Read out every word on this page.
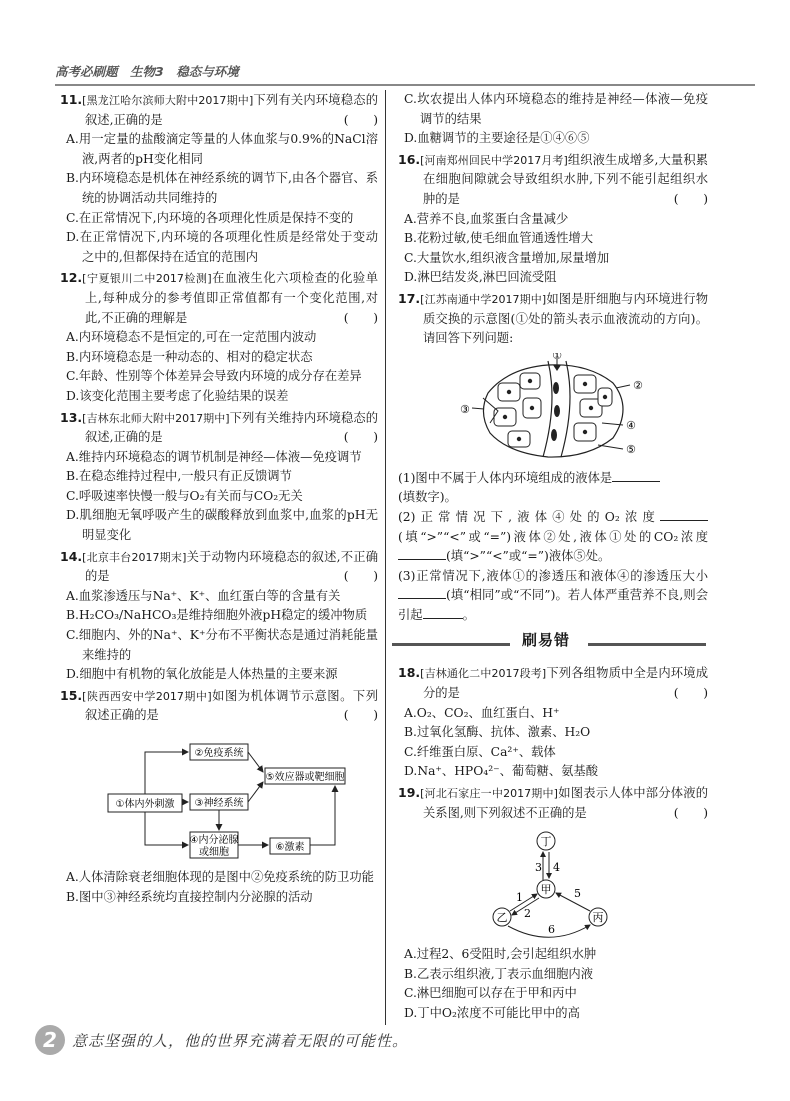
高考必刷题　生物3　稳态与环境
11.[黑龙江哈尔滨师大附中2017期中]下列有关内环境稳态的叙述,正确的是	(　　)
A.用一定量的盐酸滴定等量的人体血浆与0.9%的NaCl溶液,两者的pH变化相同
B.内环境稳态是机体在神经系统的调节下,由各个器官、系统的协调活动共同维持的
C.在正常情况下,内环境的各项理化性质是保持不变的
D.在正常情况下,内环境的各项理化性质是经常处于变动之中的,但都保持在适宜的范围内
12.[宁夏银川二中2017检测]在血液生化六项检查的化验单上,每种成分的参考值即正常值都有一个变化范围,对此,不正确的理解是	(　　)
A.内环境稳态不是恒定的,可在一定范围内波动
B.内环境稳态是一种动态的、相对的稳定状态
C.年龄、性别等个体差异会导致内环境的成分存在差异
D.该变化范围主要考虑了化验结果的误差
13.[吉林东北师大附中2017期中]下列有关维持内环境稳态的叙述,正确的是	(　　)
A.维持内环境稳态的调节机制是神经—体液—免疫调节
B.在稳态维持过程中,一般只有正反馈调节
C.呼吸速率快慢一般与O₂有关而与CO₂无关
D.肌细胞无氧呼吸产生的碳酸释放到血浆中,血浆的pH无明显变化
14.[北京丰台2017期末]关于动物内环境稳态的叙述,不正确的是	(　　)
A.血浆渗透压与Na⁺、K⁺、血红蛋白等的含量有关
B.H₂CO₃/NaHCO₃是维持细胞外液pH稳定的缓冲物质
C.细胞内、外的Na⁺、K⁺分布不平衡状态是通过消耗能量来维持的
D.细胞中有机物的氧化放能是人体热量的主要来源
15.[陕西西安中学2017期中]如图为机体调节示意图。下列叙述正确的是	(　　)
①体内外刺激
②免疫系统
③神经系统
④内分泌腺
或细胞
⑤效应器或靶细胞
⑥激素
A.人体清除衰老细胞体现的是图中②免疫系统的防卫功能
B.图中③神经系统均直接控制内分泌腺的活动
C.坎农提出人体内环境稳态的维持是神经—体液—免疫调节的结果
D.血糖调节的主要途径是①④⑥⑤
16.[河南郑州回民中学2017月考]组织液生成增多,大量积累在细胞间隙就会导致组织水肿,下列不能引起组织水肿的是	(　　)
A.营养不良,血浆蛋白含量减少
B.花粉过敏,使毛细血管通透性增大
C.大量饮水,组织液含量增加,尿量增加
D.淋巴结发炎,淋巴回流受阻
17.[江苏南通中学2017期中]如图是肝细胞与内环境进行物质交换的示意图(①处的箭头表示血液流动的方向)。请回答下列问题:
①
②
③
④
⑤
(1)图中不属于人体内环境组成的液体是
(填数字)。
(2)正常情况下,液体④处的O₂浓度(填“>”“<”或“=”)液体②处,液体①处的CO₂浓度(填“>”“<”或“=”)液体⑤处。
(3)正常情况下,液体①的渗透压和液体④的渗透压大小(填“相同”或“不同”)。若人体严重营养不良,则会引起	。
刷易错
18.[吉林通化二中2017段考]下列各组物质中全是内环境成分的是	(　　)
A.O₂、CO₂、血红蛋白、H⁺
B.过氧化氢酶、抗体、激素、H₂O
C.纤维蛋白原、Ca²⁺、载体
D.Na⁺、HPO₄²⁻、葡萄糖、氨基酸
19.[河北石家庄一中2017期中]如图表示人体中部分体液的关系图,则下列叙述不正确的是	(　　)
丁
甲
乙	丙
3 4
1
2
5
6
A.过程2、6受阻时,会引起组织水肿
B.乙表示组织液,丁表示血细胞内液
C.淋巴细胞可以存在于甲和丙中
D.丁中O₂浓度不可能比甲中的高
2	意志坚强的人，他的世界充满着无限的可能性。
